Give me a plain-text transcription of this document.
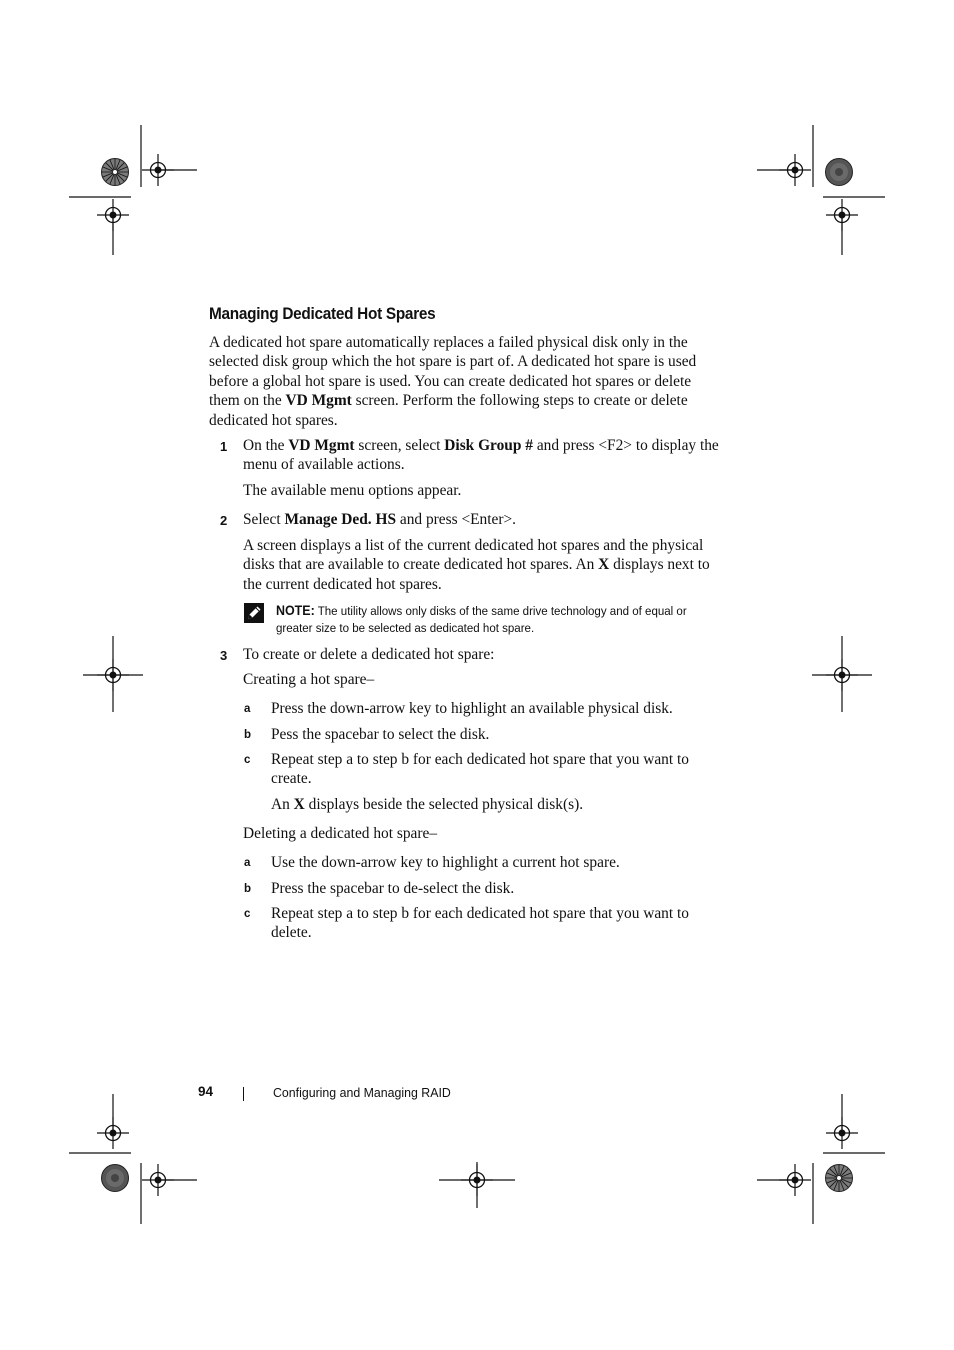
Managing Dedicated Hot Spares

A dedicated hot spare automatically replaces a failed physical disk only in the selected disk group which the hot spare is part of. A dedicated hot spare is used before a global hot spare is used. You can create dedicated hot spares or delete them on the VD Mgmt screen. Perform the following steps to create or delete dedicated hot spares.

1 On the VD Mgmt screen, select Disk Group # and press <F2> to display the menu of available actions.

The available menu options appear.

2 Select Manage Ded. HS and press <Enter>.

A screen displays a list of the current dedicated hot spares and the physical disks that are available to create dedicated hot spares. An X displays next to the current dedicated hot spares.

NOTE: The utility allows only disks of the same drive technology and of equal or greater size to be selected as dedicated hot spare.

3 To create or delete a dedicated hot spare:

Creating a hot spare–

a Press the down-arrow key to highlight an available physical disk.

b Pess the spacebar to select the disk.

c Repeat step a to step b for each dedicated hot spare that you want to create.

An X displays beside the selected physical disk(s).

Deleting a dedicated hot spare–

a Use the down-arrow key to highlight a current hot spare.

b Press the spacebar to de-select the disk.

c Repeat step a to step b for each dedicated hot spare that you want to delete.

94	Configuring and Managing RAID
